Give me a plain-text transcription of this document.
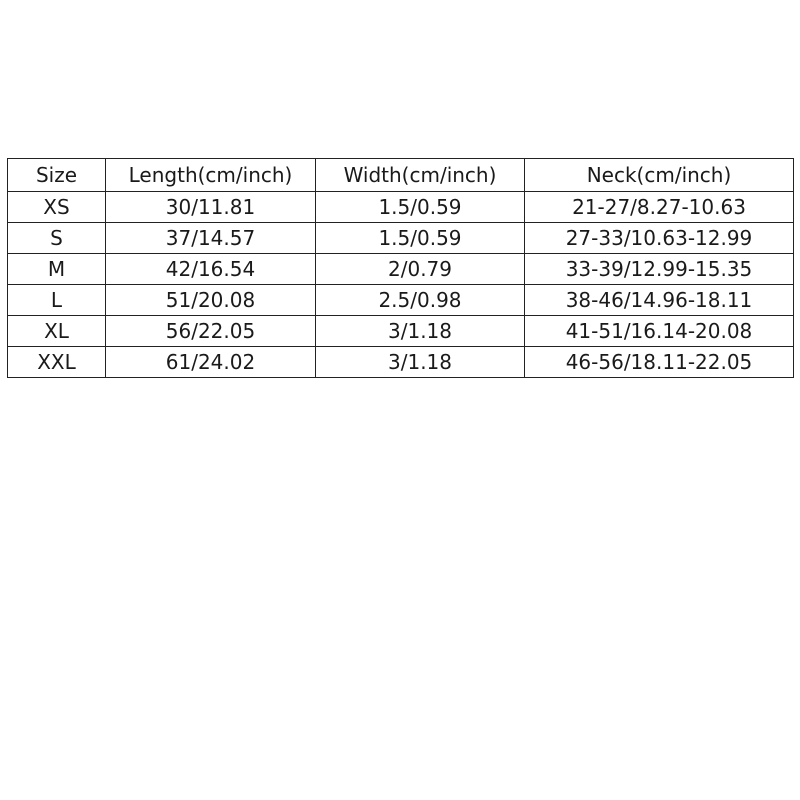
Size	Length(cm/inch)	Width(cm/inch)	Neck(cm/inch)
XS	30/11.81	1.5/0.59	21-27/8.27-10.63
S	37/14.57	1.5/0.59	27-33/10.63-12.99
M	42/16.54	2/0.79	33-39/12.99-15.35
L	51/20.08	2.5/0.98	38-46/14.96-18.11
XL	56/22.05	3/1.18	41-51/16.14-20.08
XXL	61/24.02	3/1.18	46-56/18.11-22.05
